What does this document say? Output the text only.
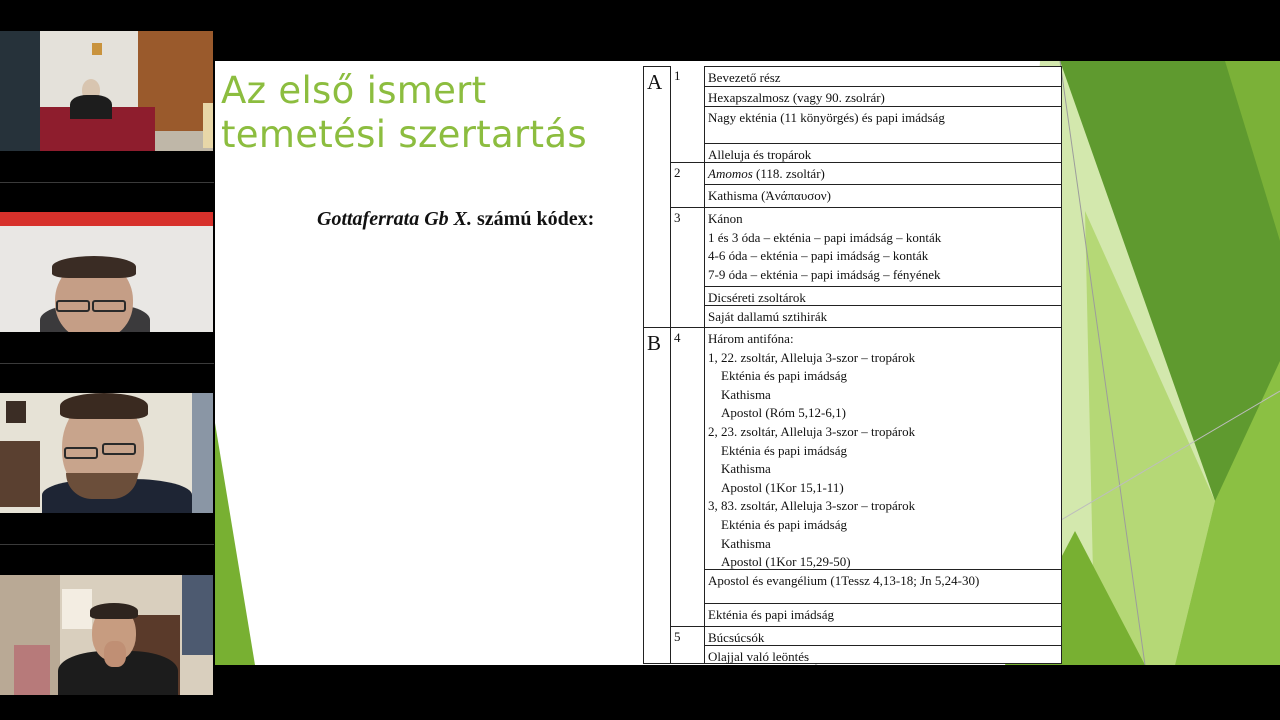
Az első ismert
temetési szertartás
Gottaferrata Gb X. számú kódex:
A
B
1
2
3
4
5
Bevezető rész
Hexapszalmosz (vagy 90. zsolrár)
Nagy ekténia (11 könyörgés) és papi imádság
Alleluja és tropárok
Amomos (118. zsoltár)
Kathisma (Ἀνάπαυσον)
Kánon
1 és 3 óda – ekténia – papi imádság – konták
4-6 óda – ekténia – papi imádság – konták
7-9 óda – ekténia – papi imádság – fényének
Dicséreti zsoltárok
Saját dallamú sztihirák
Három antifóna:
1, 22. zsoltár, Alleluja 3-szor – tropárok
Ekténia és papi imádság
Kathisma
Apostol (Róm 5,12-6,1)
2, 23. zsoltár, Alleluja 3-szor – tropárok
Ekténia és papi imádság
Kathisma
Apostol (1Kor 15,1-11)
3, 83. zsoltár, Alleluja 3-szor – tropárok
Ekténia és papi imádság
Kathisma
Apostol (1Kor 15,29-50)
Apostol és evangélium (1Tessz 4,13-18; Jn 5,24-30)
Ekténia és papi imádság
Búcsúcsók
Olajjal való leöntés
